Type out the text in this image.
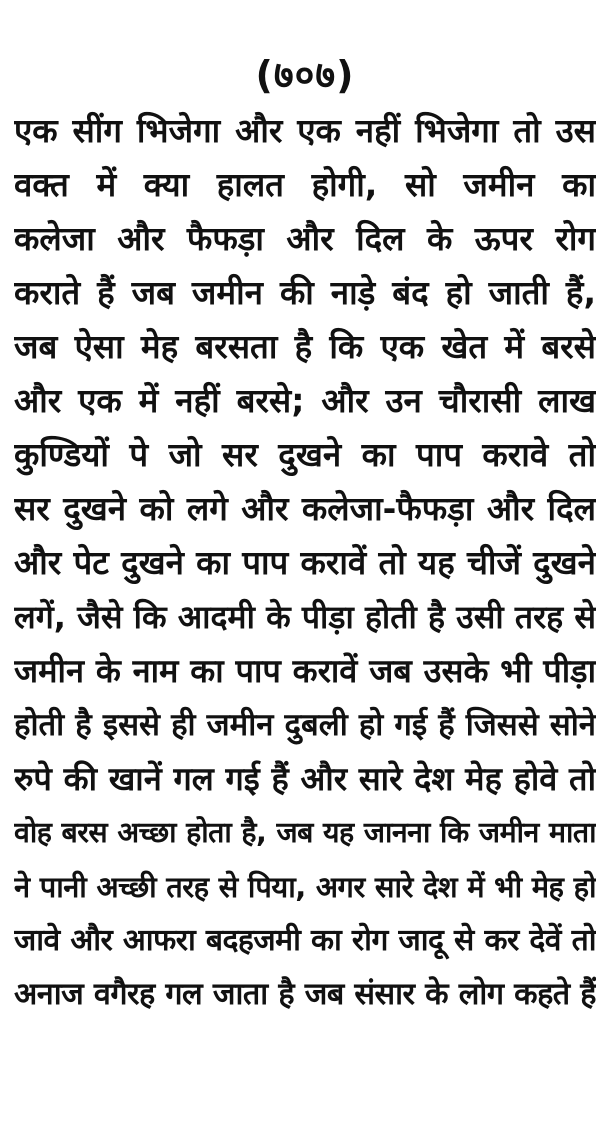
(७०७)
एक सींग भिजेगा और एक नहीं भिजेगा तो उस
वक्त में क्या हालत होगी, सो जमीन का
कलेजा और फैफड़ा और दिल के ऊपर रोग
कराते हैं जब जमीन की नाड़े बंद हो जाती हैं,
जब ऐसा मेह बरसता है कि एक खेत में बरसे
और एक में नहीं बरसे; और उन चौरासी लाख
कुण्डियों पे जो सर दुखने का पाप करावे तो
सर दुखने को लगे और कलेजा-फैफड़ा और दिल
और पेट दुखने का पाप करावें तो यह चीजें दुखने
लगें, जैसे कि आदमी के पीड़ा होती है उसी तरह से
जमीन के नाम का पाप करावें जब उसके भी पीड़ा
होती है इससे ही जमीन दुबली हो गई हैं जिससे सोने
रुपे की खानें गल गई हैं और सारे देश मेह होवे तो
वोह बरस अच्छा होता है, जब यह जानना कि जमीन माता
ने पानी अच्छी तरह से पिया, अगर सारे देश में भी मेह हो
जावे और आफरा बदहजमी का रोग जादू से कर देवें तो
अनाज वगैरह गल जाता है जब संसार के लोग कहते हैं
